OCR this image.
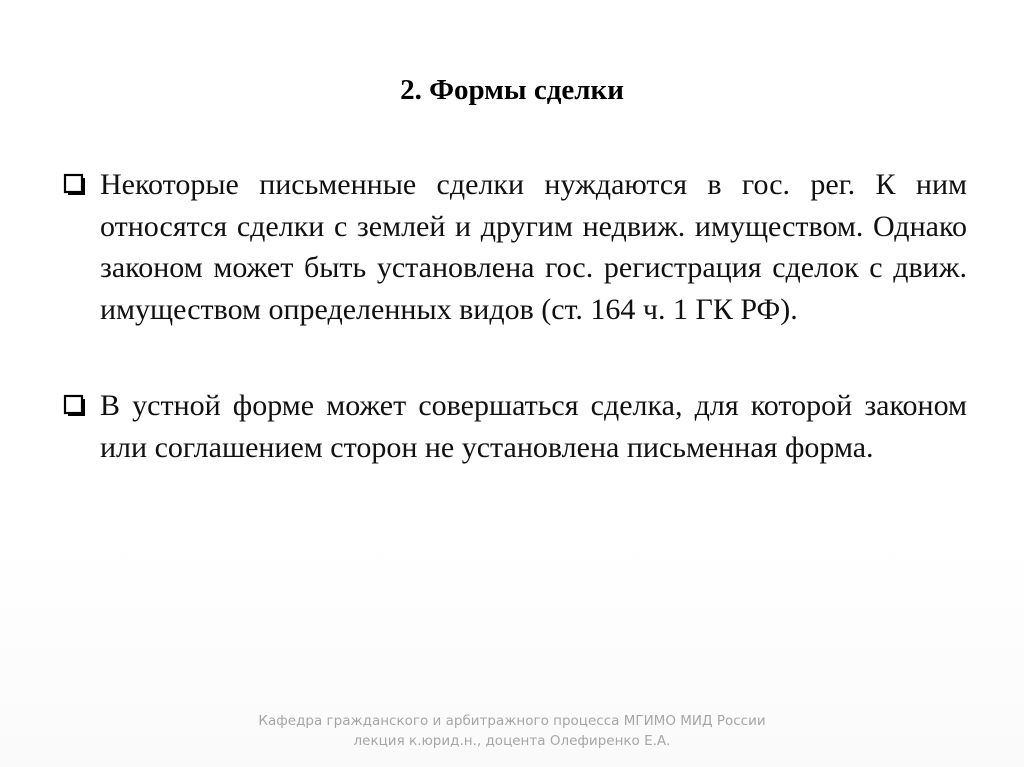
2. Формы сделки
Некоторые письменные сделки нуждаются в гос. рег. К ним относятся сделки с землей и другим недвиж. имуществом. Однако законом может быть установлена гос. регистрация сделок с движ. имуществом определенных видов (ст. 164 ч. 1 ГК РФ).
В устной форме может совершаться сделка, для которой законом или соглашением сторон не установлена письменная форма.
Кафедра гражданского и арбитражного процесса МГИМО МИД России
лекция к.юрид.н., доцента Олефиренко Е.А.
